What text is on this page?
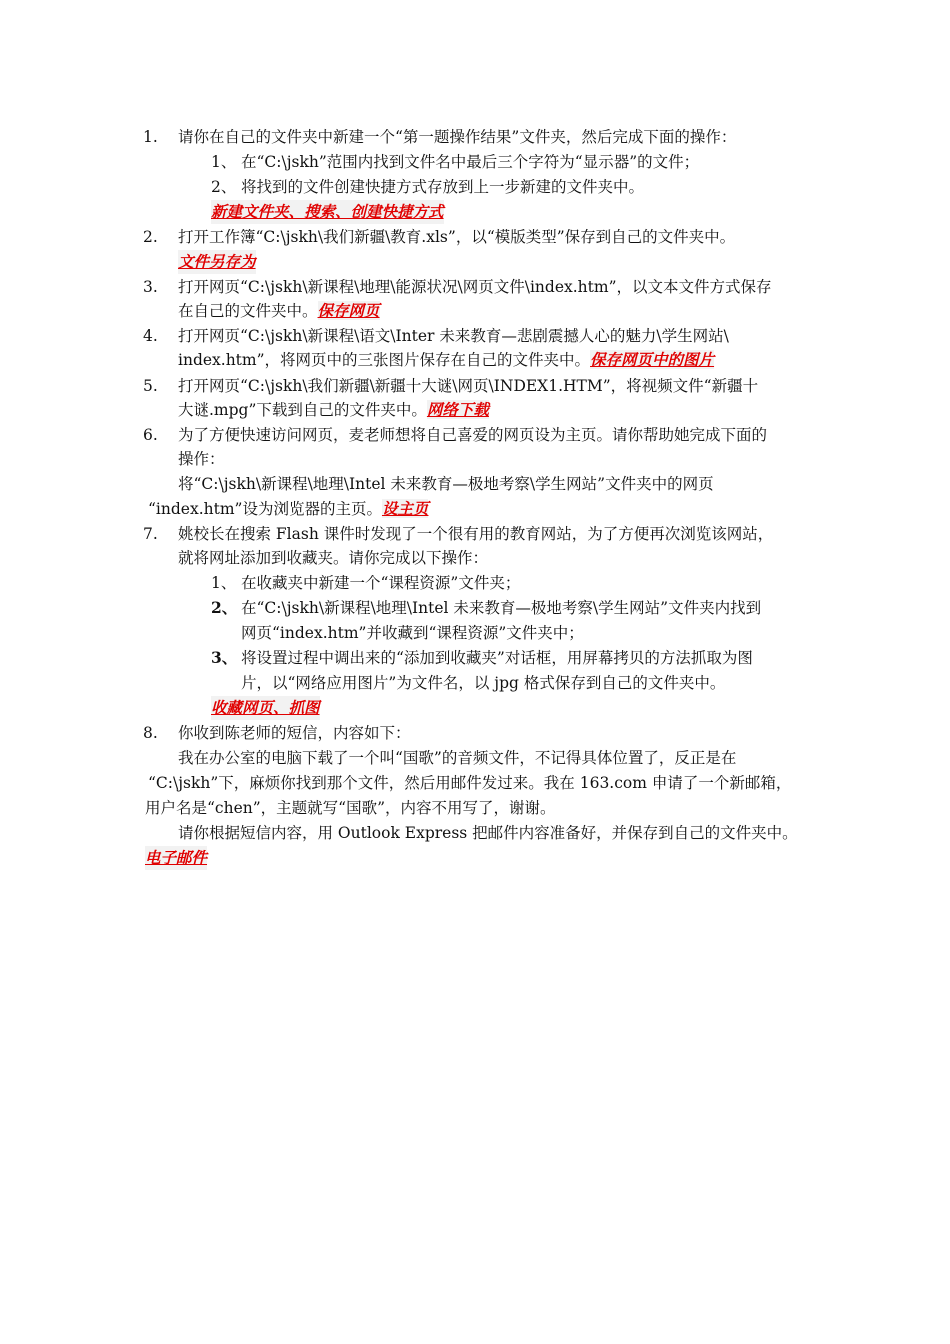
1. 请你在自己的文件夹中新建一个“第一题操作结果”文件夹，然后完成下面的操作：
1、 在“C:\jskh”范围内找到文件名中最后三个字符为“显示器”的文件；
2、 将找到的文件创建快捷方式存放到上一步新建的文件夹中。
新建文件夹、搜索、创建快捷方式
2. 打开工作簿“C:\jskh\我们新疆\教育.xls”，以“模版类型”保存到自己的文件夹中。
文件另存为
3. 打开网页“C:\jskh\新课程\地理\能源状况\网页文件\index.htm”，以文本文件方式保存
在自己的文件夹中。保存网页
4. 打开网页“C:\jskh\新课程\语文\Inter 未来教育—悲剧震撼人心的魅力\学生网站\
index.htm”，将网页中的三张图片保存在自己的文件夹中。保存网页中的图片
5. 打开网页“C:\jskh\我们新疆\新疆十大谜\网页\INDEX1.HTM”，将视频文件“新疆十
大谜.mpg”下载到自己的文件夹中。网络下载
6. 为了方便快速访问网页，麦老师想将自己喜爱的网页设为主页。请你帮助她完成下面的
操作：
将“C:\jskh\新课程\地理\Intel 未来教育—极地考察\学生网站”文件夹中的网页
“index.htm”设为浏览器的主页。设主页
7. 姚校长在搜索 Flash 课件时发现了一个很有用的教育网站，为了方便再次浏览该网站，
就将网址添加到收藏夹。请你完成以下操作：
1、 在收藏夹中新建一个“课程资源”文件夹；
2、 在“C:\jskh\新课程\地理\Intel 未来教育—极地考察\学生网站”文件夹内找到
网页“index.htm”并收藏到“课程资源”文件夹中；
3、 将设置过程中调出来的“添加到收藏夹”对话框，用屏幕拷贝的方法抓取为图
片，以“网络应用图片”为文件名，以 jpg 格式保存到自己的文件夹中。
收藏网页、抓图
8. 你收到陈老师的短信，内容如下：
我在办公室的电脑下载了一个叫“国歌”的音频文件，不记得具体位置了，反正是在
“C:\jskh”下，麻烦你找到那个文件，然后用邮件发过来。我在 163.com 申请了一个新邮箱，
用户名是“chen”，主题就写“国歌”，内容不用写了，谢谢。
请你根据短信内容，用 Outlook Express 把邮件内容准备好，并保存到自己的文件夹中。
电子邮件
